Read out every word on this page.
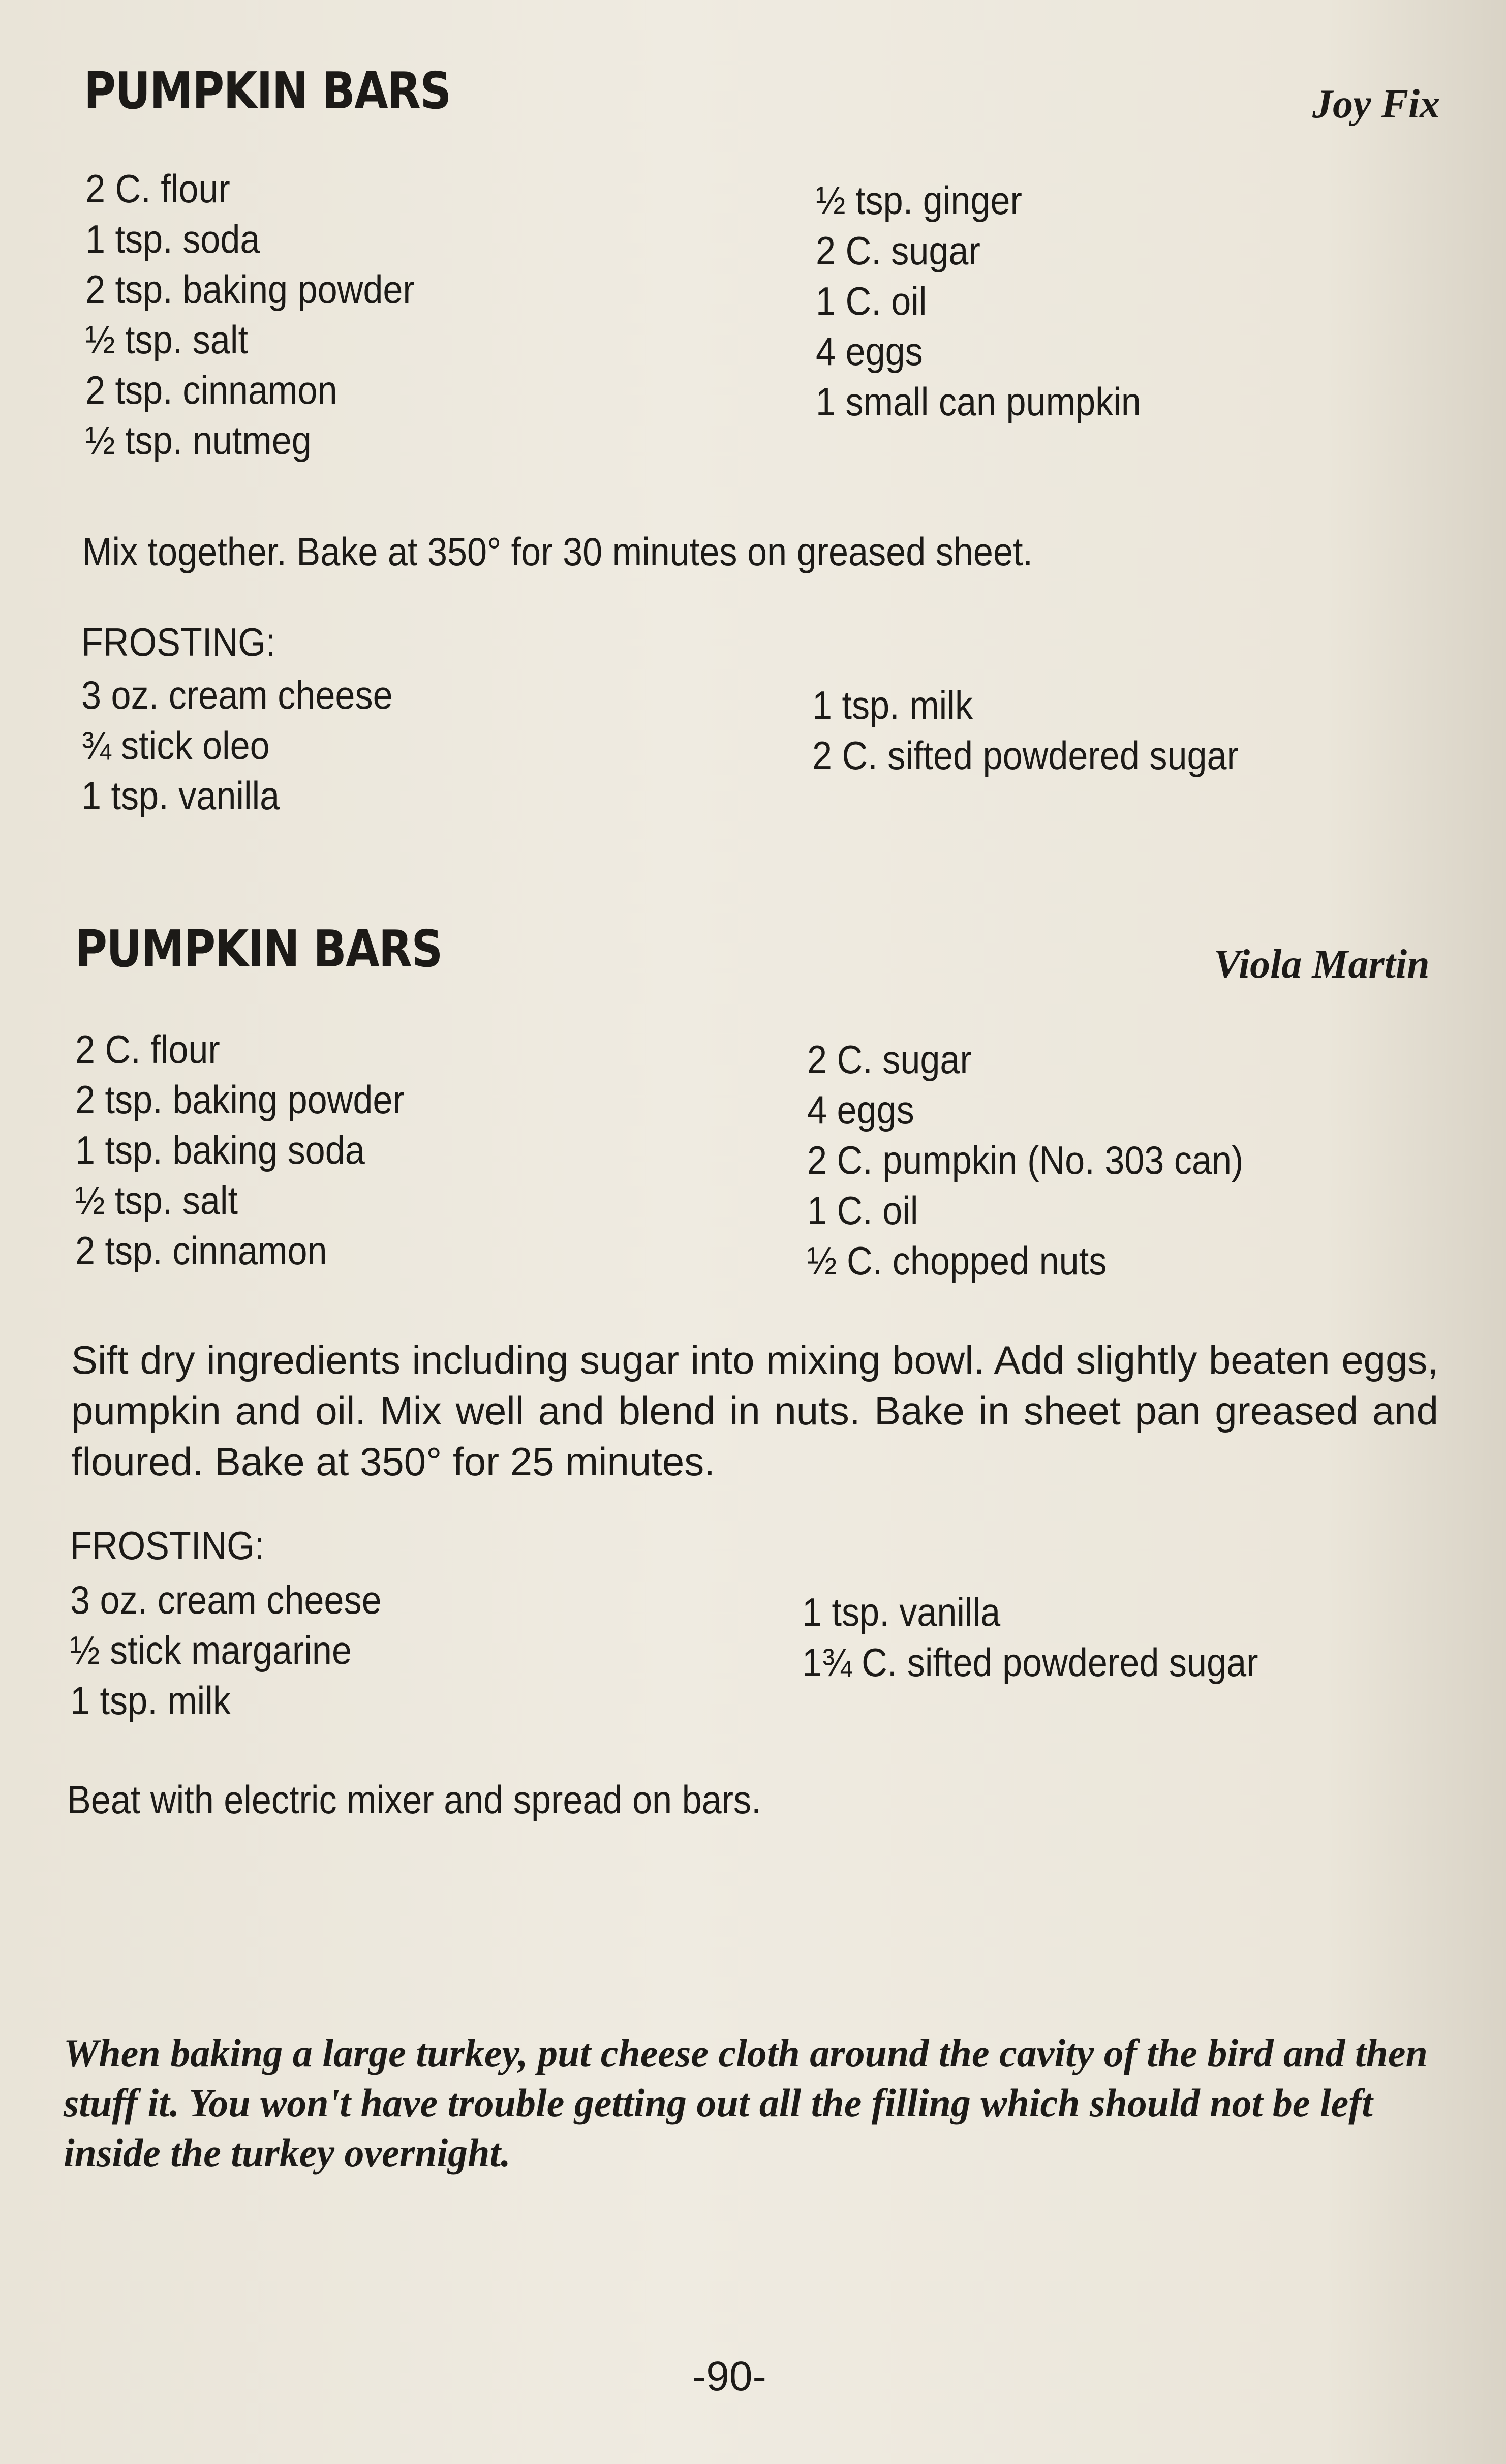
PUMPKIN BARS	Joy Fix
2 C. flour
1 tsp. soda
2 tsp. baking powder
½ tsp. salt
2 tsp. cinnamon
½ tsp. nutmeg
½ tsp. ginger
2 C. sugar
1 C. oil
4 eggs
1 small can pumpkin
Mix together. Bake at 350° for 30 minutes on greased sheet.
FROSTING:
3 oz. cream cheese
¾ stick oleo
1 tsp. vanilla
1 tsp. milk
2 C. sifted powdered sugar
PUMPKIN BARS	Viola Martin
2 C. flour
2 tsp. baking powder
1 tsp. baking soda
½ tsp. salt
2 tsp. cinnamon
2 C. sugar
4 eggs
2 C. pumpkin (No. 303 can)
1 C. oil
½ C. chopped nuts
Sift dry ingredients including sugar into mixing bowl. Add slightly beaten eggs, pumpkin and oil. Mix well and blend in nuts. Bake in sheet pan greased and floured. Bake at 350° for 25 minutes.
FROSTING:
3 oz. cream cheese
½ stick margarine
1 tsp. milk
1 tsp. vanilla
1¾ C. sifted powdered sugar
Beat with electric mixer and spread on bars.
When baking a large turkey, put cheese cloth around the cavity of the bird and then stuff it. You won't have trouble getting out all the filling which should not be left inside the turkey overnight.
-90-
